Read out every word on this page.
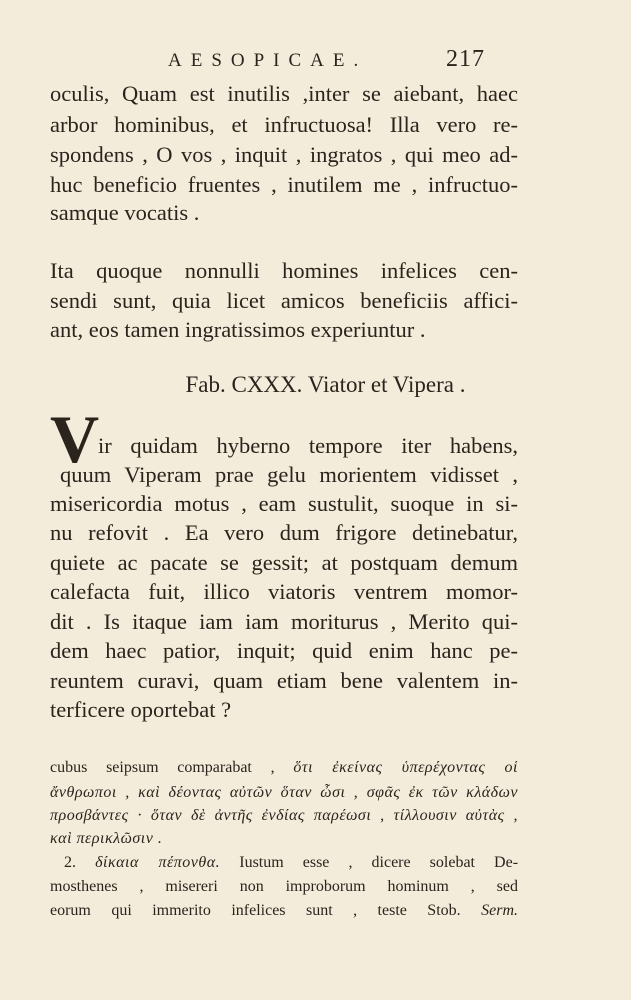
AESOPICAE.	217
oculis, Quam est inutilis ,inter se aiebant, haec
arbor hominibus, et infructuosa! Illa vero re-
spondens , O vos , inquit , ingratos , qui meo ad-
huc beneficio fruentes , inutilem me , infructuo-
samque vocatis .
Ita quoque nonnulli homines infelices cen-
sendi sunt, quia licet amicos beneficiis affici-
ant, eos tamen ingratissimos experiuntur .
Fab. CXXX. Viator et Vipera .
V
ir quidam hyberno tempore iter habens,
quum Viperam prae gelu morientem vidisset ,
misericordia motus , eam sustulit, suoque in si-
nu refovit . Ea vero dum frigore detinebatur,
quiete ac pacate se gessit; at postquam demum
calefacta fuit, illico viatoris ventrem momor-
dit . Is itaque iam iam moriturus , Merito qui-
dem haec patior, inquit; quid enim hanc pe-
reuntem curavi, quam etiam bene valentem in-
terficere oportebat ?
cubus seipsum comparabat , ὅτι ἐκείνας ὑπερέχοντας οἱ
ἄνθρωποι , καὶ δέοντας αὐτῶν ὅταν ὦσι , σφᾶς ἐκ τῶν κλάδων
προσβάντες · ὅταν δὲ ἀντῆς ἐνδίας παρέωσι , τίλλουσιν αὐτὰς ,
καὶ περικλῶσιν .
2. δίκαια πέπονθα. Iustum esse , dicere solebat De-
mosthenes , misereri non improborum hominum , sed
eorum qui immerito infelices sunt , teste Stob. Serm.
